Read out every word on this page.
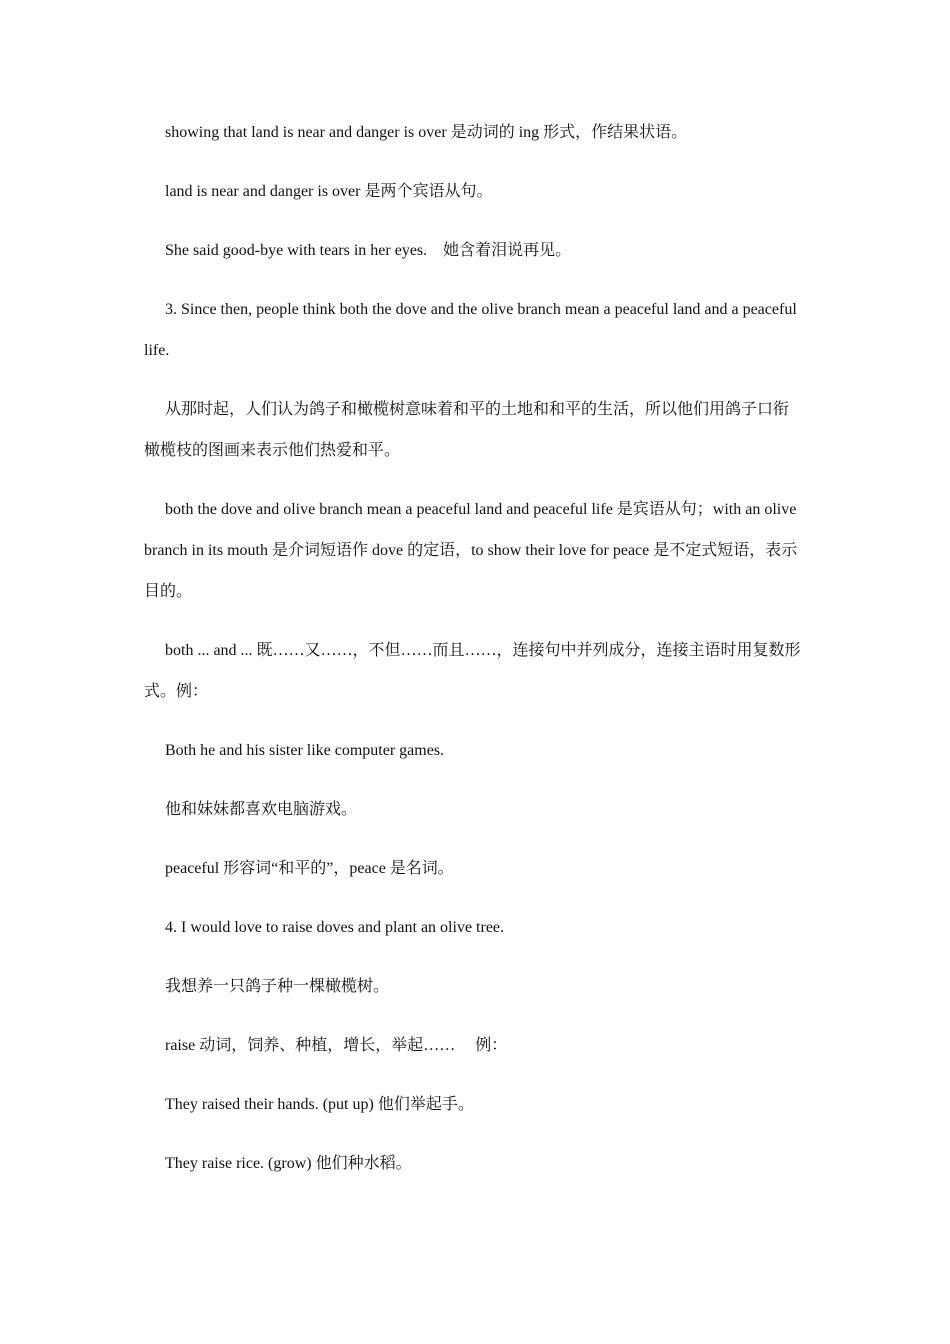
showing that land is near and danger is over 是动词的 ing 形式，作结果状语。

land is near and danger is over 是两个宾语从句。

She said good-bye with tears in her eyes.　她含着泪说再见。

3. Since then, people think both the dove and the olive branch mean a peaceful land and a peaceful life.

从那时起，人们认为鸽子和橄榄树意味着和平的土地和和平的生活，所以他们用鸽子口衔橄榄枝的图画来表示他们热爱和平。

both the dove and olive branch mean a peaceful land and peaceful life 是宾语从句；with an olive branch in its mouth 是介词短语作 dove 的定语，to show their love for peace 是不定式短语，表示目的。

both ... and ... 既……又……，不但……而且……，连接句中并列成分，连接主语时用复数形式。例：

Both he and his sister like computer games.

他和妹妹都喜欢电脑游戏。

peaceful 形容词“和平的”，peace 是名词。

4. I would love to raise doves and plant an olive tree.

我想养一只鸽子种一棵橄榄树。

raise 动词，饲养、种植，增长，举起……　 例：

They raised their hands. (put up) 他们举起手。

They raise rice. (grow) 他们种水稻。
